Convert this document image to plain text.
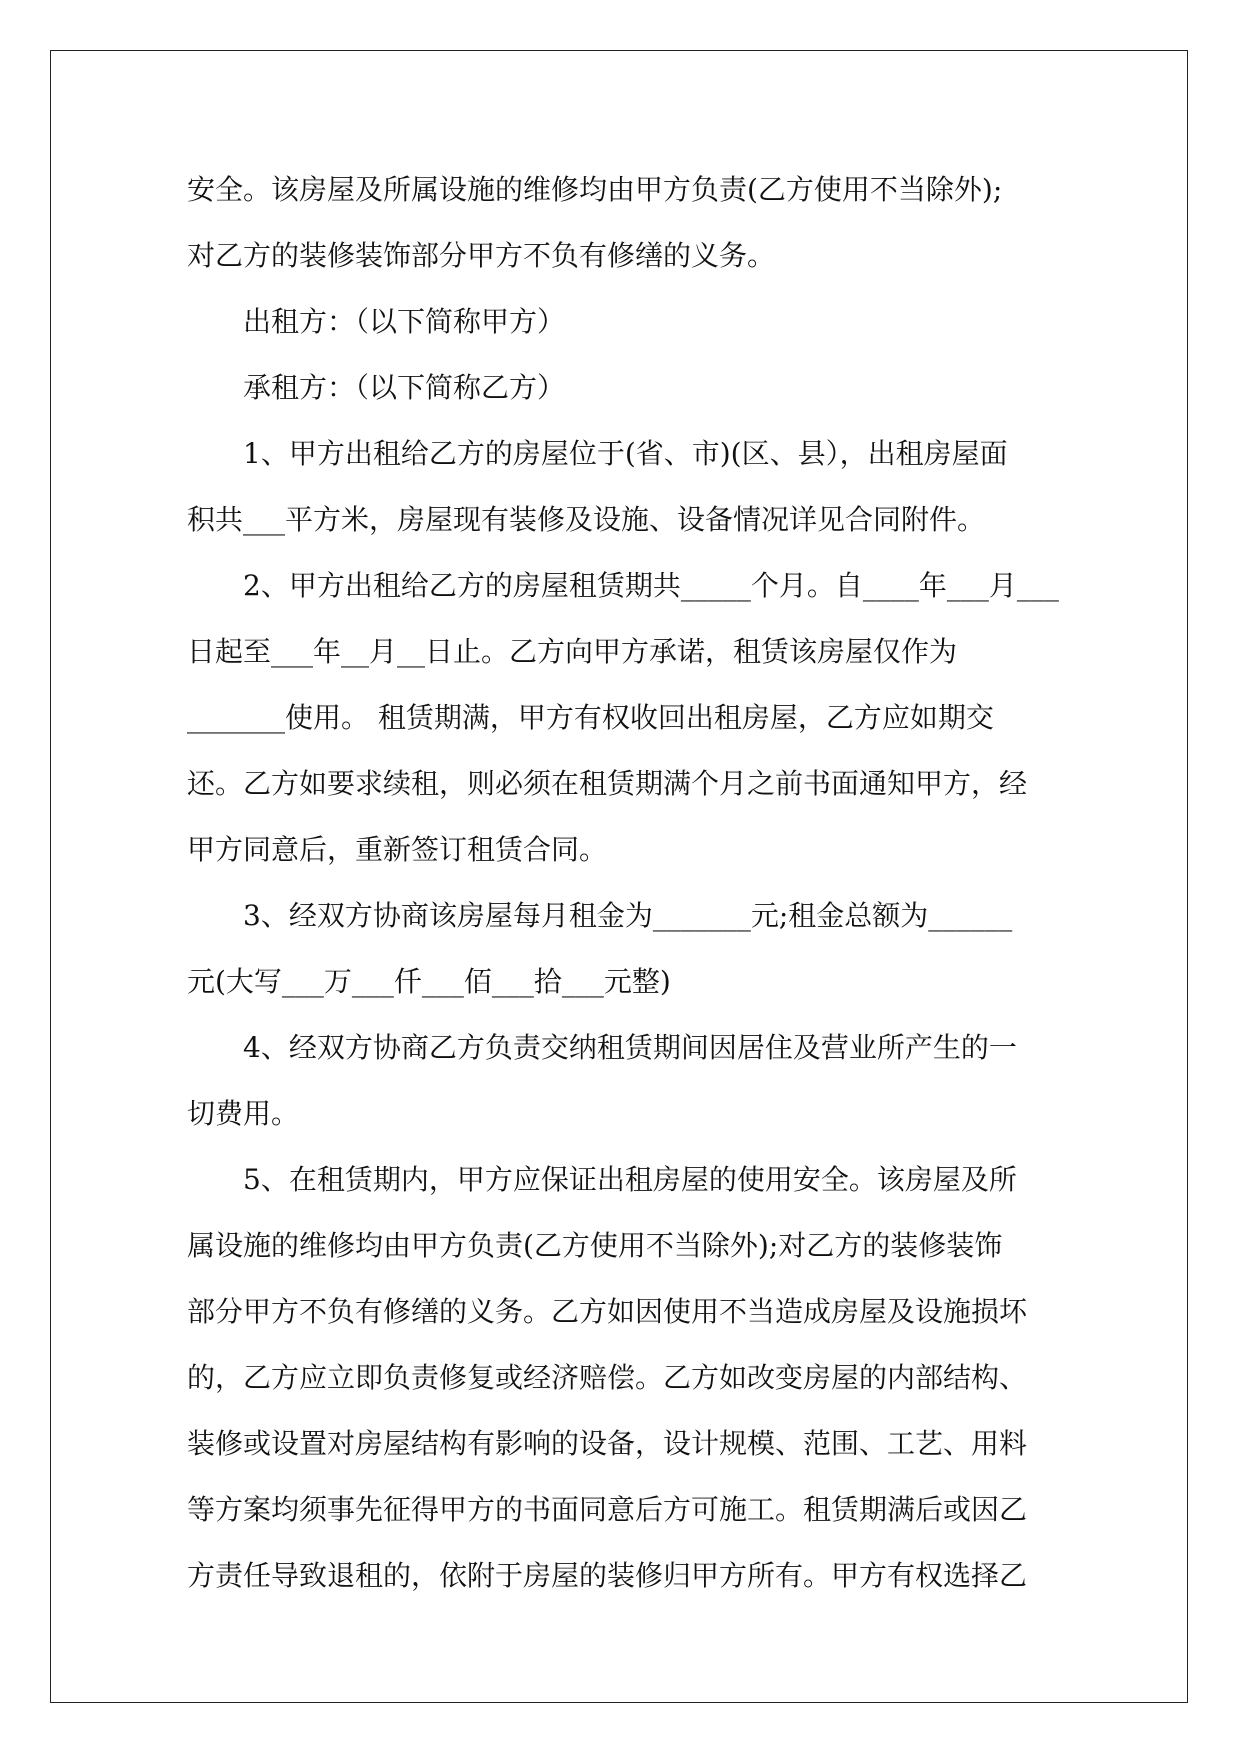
安全。该房屋及所属设施的维修均由甲方负责(乙方使用不当除外);

对乙方的装修装饰部分甲方不负有修缮的义务。

出租方：（以下简称甲方）

承租方：（以下简称乙方）

1、甲方出租给乙方的房屋位于(省、市)(区、县），出租房屋面

积共___平方米，房屋现有装修及设施、设备情况详见合同附件。

2、甲方出租给乙方的房屋租赁期共_____个月。自____年___月___

日起至___年__月__日止。乙方向甲方承诺，租赁该房屋仅作为

_______使用。 租赁期满，甲方有权收回出租房屋，乙方应如期交

还。乙方如要求续租，则必须在租赁期满个月之前书面通知甲方，经

甲方同意后，重新签订租赁合同。

3、经双方协商该房屋每月租金为_______元;租金总额为______

元(大写___万___仟___佰___拾___元整)

4、经双方协商乙方负责交纳租赁期间因居住及营业所产生的一

切费用。

5、在租赁期内，甲方应保证出租房屋的使用安全。该房屋及所

属设施的维修均由甲方负责(乙方使用不当除外);对乙方的装修装饰

部分甲方不负有修缮的义务。乙方如因使用不当造成房屋及设施损坏

的，乙方应立即负责修复或经济赔偿。乙方如改变房屋的内部结构、

装修或设置对房屋结构有影响的设备，设计规模、范围、工艺、用料

等方案均须事先征得甲方的书面同意后方可施工。租赁期满后或因乙

方责任导致退租的，依附于房屋的装修归甲方所有。甲方有权选择乙
